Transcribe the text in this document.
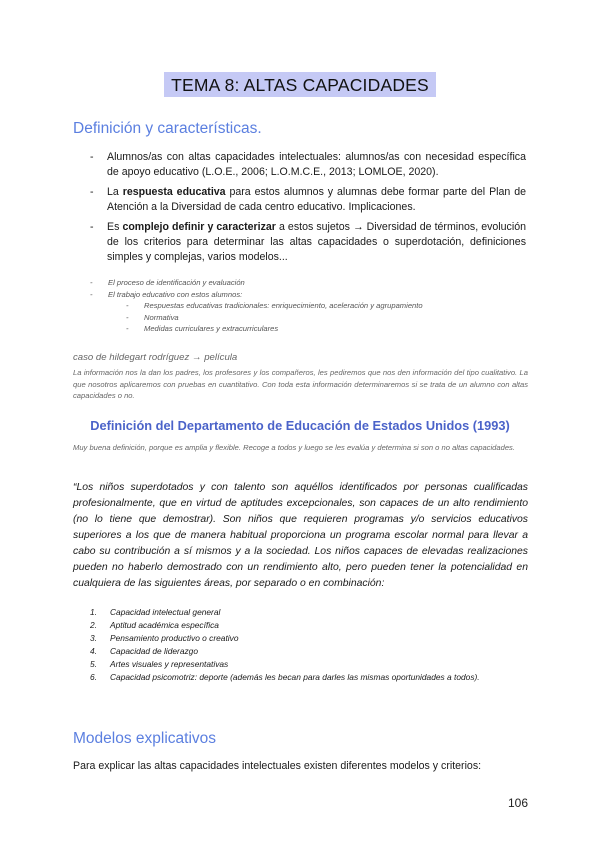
TEMA 8: ALTAS CAPACIDADES
Definición y características.
- Alumnos/as con altas capacidades intelectuales: alumnos/as con necesidad específica de apoyo educativo (L.O.E., 2006; L.O.M.C.E., 2013; LOMLOE, 2020).
- La respuesta educativa para estos alumnos y alumnas debe formar parte del Plan de Atención a la Diversidad de cada centro educativo. Implicaciones.
- Es complejo definir y caracterizar a estos sujetos → Diversidad de términos, evolución de los criterios para determinar las altas capacidades o superdotación, definiciones simples y complejas, varios modelos...
- El proceso de identificación y evaluación
- El trabajo educativo con estos alumnos:
- Respuestas educativas tradicionales: enriquecimiento, aceleración y agrupamiento
- Normativa
- Medidas curriculares y extracurriculares
caso de hildegart rodríguez → película
La información nos la dan los padres, los profesores y los compañeros, les pediremos que nos den información del tipo cualitativo. La que nosotros aplicaremos con pruebas en cuantitativo. Con toda esta información determinaremos si se trata de un alumno con altas capacidades o no.
Definición del Departamento de Educación de Estados Unidos (1993)
Muy buena definición, porque es amplia y flexible. Recoge a todos y luego se les evalúa y determina si son o no altas capacidades.
“Los niños superdotados y con talento son aquéllos identificados por personas cualificadas profesionalmente, que en virtud de aptitudes excepcionales, son capaces de un alto rendimiento (no lo tiene que demostrar). Son niños que requieren programas y/o servicios educativos superiores a los que de manera habitual proporciona un programa escolar normal para llevar a cabo su contribución a sí mismos y a la sociedad. Los niños capaces de elevadas realizaciones pueden no haberlo demostrado con un rendimiento alto, pero pueden tener la potencialidad en cualquiera de las siguientes áreas, por separado o en combinación:
1. Capacidad intelectual general
2. Aptitud académica específica
3. Pensamiento productivo o creativo
4. Capacidad de liderazgo
5. Artes visuales y representativas
6. Capacidad psicomotriz: deporte (además les becan para darles las mismas oportunidades a todos).
Modelos explicativos
Para explicar las altas capacidades intelectuales existen diferentes modelos y criterios:
106
